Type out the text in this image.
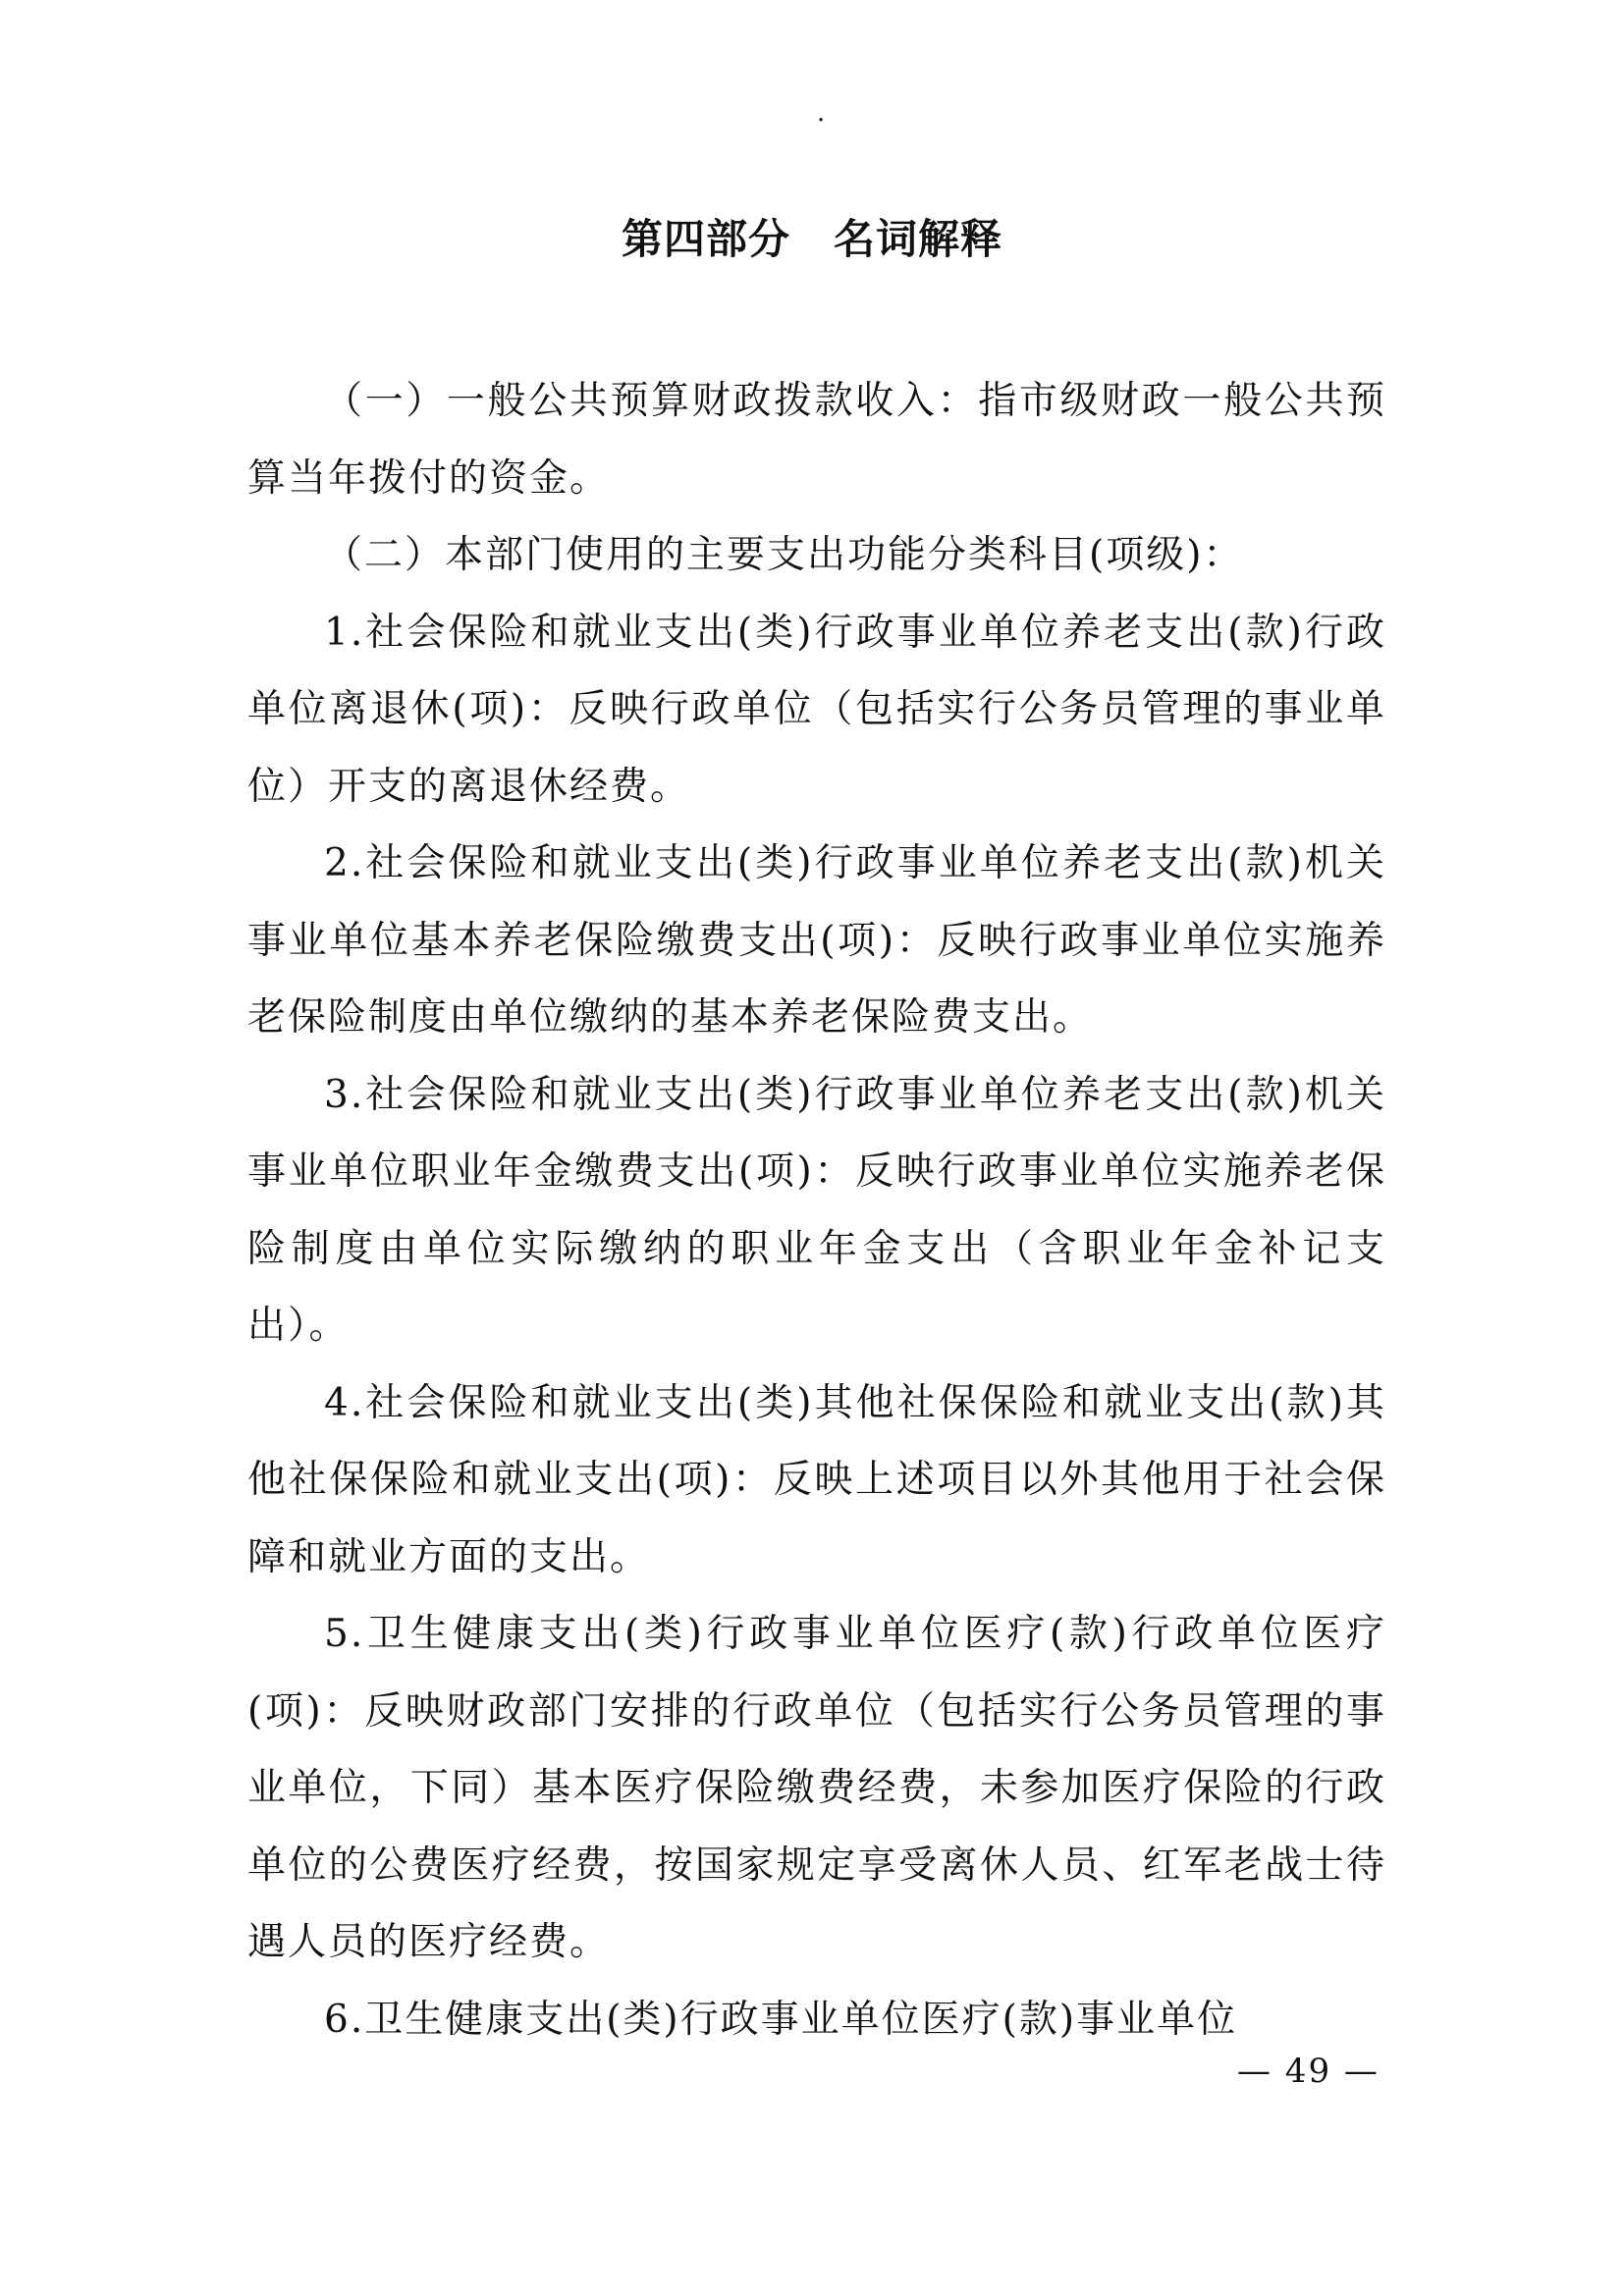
·
第四部分 名词解释

（一）一般公共预算财政拨款收入：指市级财政一般公共预算当年拨付的资金。

（二）本部门使用的主要支出功能分类科目(项级)：

1.社会保险和就业支出(类)行政事业单位养老支出(款)行政单位离退休(项)：反映行政单位（包括实行公务员管理的事业单位）开支的离退休经费。

2.社会保险和就业支出(类)行政事业单位养老支出(款)机关事业单位基本养老保险缴费支出(项)：反映行政事业单位实施养老保险制度由单位缴纳的基本养老保险费支出。

3.社会保险和就业支出(类)行政事业单位养老支出(款)机关事业单位职业年金缴费支出(项)：反映行政事业单位实施养老保险制度由单位实际缴纳的职业年金支出（含职业年金补记支出）。

4.社会保险和就业支出(类)其他社保保险和就业支出(款)其他社保保险和就业支出(项)：反映上述项目以外其他用于社会保障和就业方面的支出。

5.卫生健康支出(类)行政事业单位医疗(款)行政单位医疗(项)：反映财政部门安排的行政单位（包括实行公务员管理的事业单位，下同）基本医疗保险缴费经费，未参加医疗保险的行政单位的公费医疗经费，按国家规定享受离休人员、红军老战士待遇人员的医疗经费。

6.卫生健康支出(类)行政事业单位医疗(款)事业单位

— 49 —
